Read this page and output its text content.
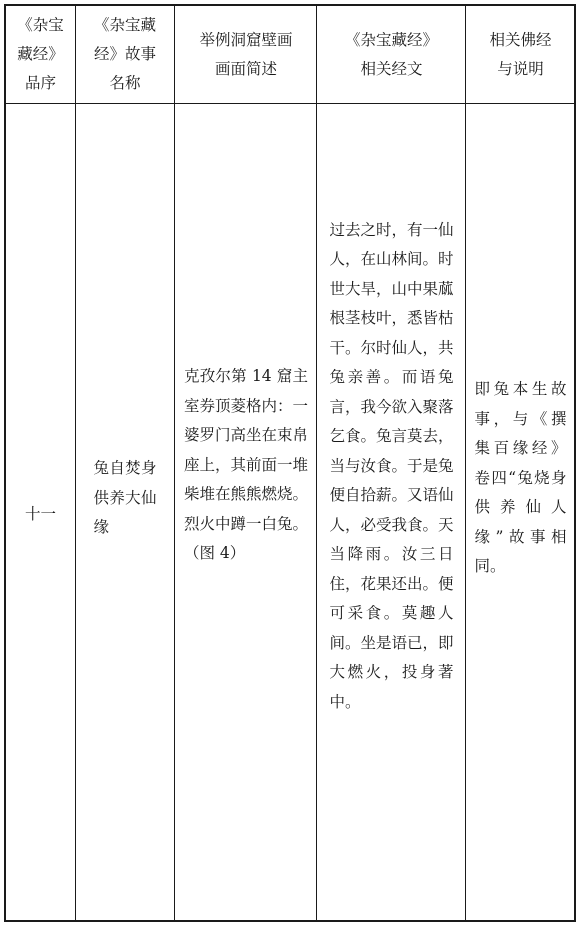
《杂宝
藏经》
品序
《杂宝藏
经》故事
名称
举例洞窟壁画
画面简述
《杂宝藏经》
相关经文
相关佛经
与说明
十一
兔自焚身供养大仙缘
克孜尔第 14 窟主室券顶菱格内：一婆罗门高坐在束帛座上，其前面一堆柴堆在熊熊燃烧。烈火中蹲一白兔。（图 4）
过去之时，有一仙人，在山林间。时世大旱，山中果蓏根茎枝叶，悉皆枯干。尔时仙人，共兔亲善。而语兔言，我今欲入聚落乞食。兔言莫去，当与汝食。于是兔便自拾薪。又语仙人，必受我食。天当降雨。汝三日住，花果还出。便可采食。莫趣人间。坐是语已，即大燃火，投身著中。
即兔本生故事，与《撰集百缘经》卷四“兔烧身供养仙人缘”故事相同。
